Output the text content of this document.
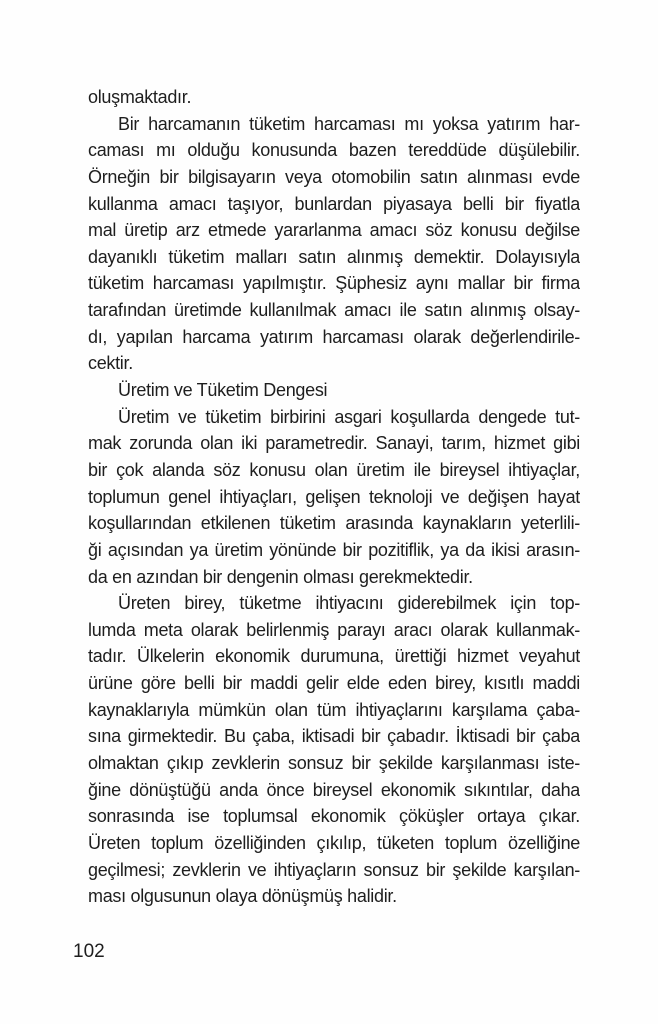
oluşmaktadır.
Bir harcamanın tüketim harcaması mı yoksa yatırım har-
caması mı olduğu konusunda bazen tereddüde düşülebilir.
Örneğin bir bilgisayarın veya otomobilin satın alınması evde
kullanma amacı taşıyor, bunlardan piyasaya belli bir fiyatla
mal üretip arz etmede yararlanma amacı söz konusu değilse
dayanıklı tüketim malları satın alınmış demektir. Dolayısıyla
tüketim harcaması yapılmıştır. Şüphesiz aynı mallar bir firma
tarafından üretimde kullanılmak amacı ile satın alınmış olsay-
dı, yapılan harcama yatırım harcaması olarak değerlendirile-
cektir.
Üretim ve Tüketim Dengesi
Üretim ve tüketim birbirini asgari koşullarda dengede tut-
mak zorunda olan iki parametredir. Sanayi, tarım, hizmet gibi
bir çok alanda söz konusu olan üretim ile bireysel ihtiyaçlar,
toplumun genel ihtiyaçları, gelişen teknoloji ve değişen hayat
koşullarından etkilenen tüketim arasında kaynakların yeterlili-
ği açısından ya üretim yönünde bir pozitiflik, ya da ikisi arasın-
da en azından bir dengenin olması gerekmektedir.
Üreten birey, tüketme ihtiyacını giderebilmek için top-
lumda meta olarak belirlenmiş parayı aracı olarak kullanmak-
tadır. Ülkelerin ekonomik durumuna, ürettiği hizmet veyahut
ürüne göre belli bir maddi gelir elde eden birey, kısıtlı maddi
kaynaklarıyla mümkün olan tüm ihtiyaçlarını karşılama çaba-
sına girmektedir. Bu çaba, iktisadi bir çabadır. İktisadi bir çaba
olmaktan çıkıp zevklerin sonsuz bir şekilde karşılanması iste-
ğine dönüştüğü anda önce bireysel ekonomik sıkıntılar, daha
sonrasında ise toplumsal ekonomik çöküşler ortaya çıkar.
Üreten toplum özelliğinden çıkılıp, tüketen toplum özelliğine
geçilmesi; zevklerin ve ihtiyaçların sonsuz bir şekilde karşılan-
ması olgusunun olaya dönüşmüş halidir.
102
